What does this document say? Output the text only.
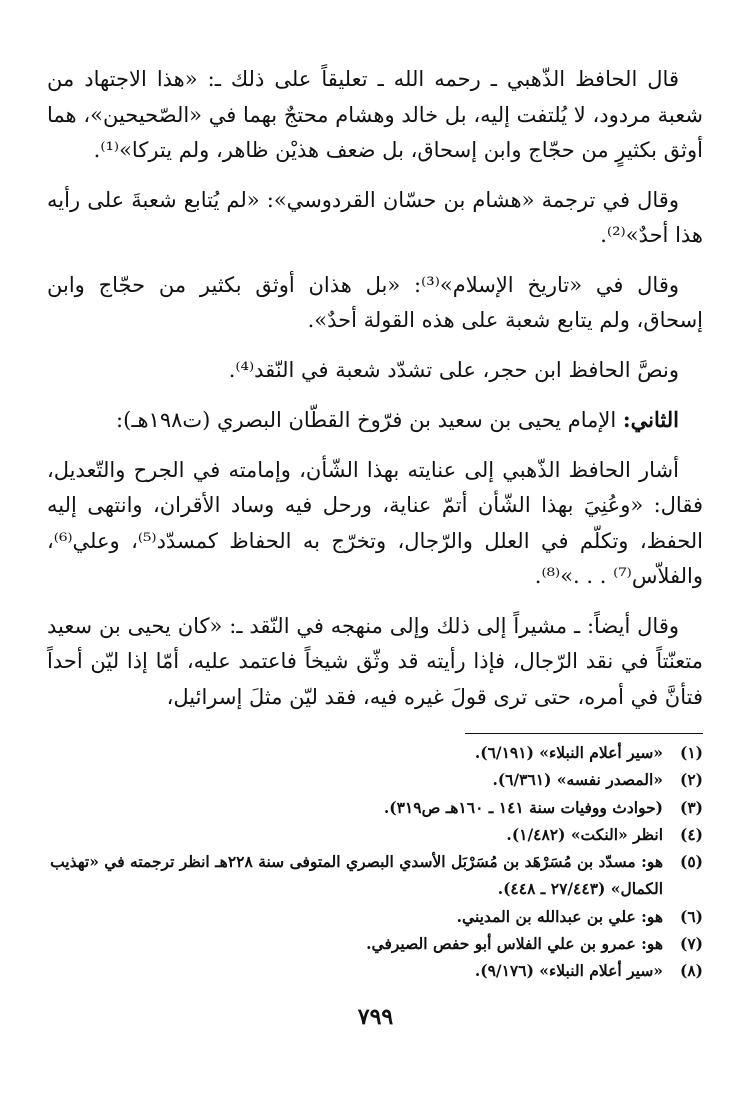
قال الحافظ الذّهبي ـ رحمه الله ـ تعليقاً على ذلك ـ: «هذا الاجتهاد من شعبة مردود، لا يُلتفت إليه، بل خالد وهشام محتجٌ بهما في «الصّحيحين»، هما أوثق بكثيرٍ من حجّاج وابن إسحاق، بل ضعف هذيْن ظاهر، ولم يتركا»⁽¹⁾.

وقال في ترجمة «هشام بن حسّان القردوسي»: «لم يُتابع شعبةَ على رأيه هذا أحدٌ»⁽²⁾.

وقال في «تاريخ الإسلام»⁽³⁾: «بل هذان أوثق بكثير من حجّاج وابن إسحاق، ولم يتابع شعبة على هذه القولة أحدٌ».

ونصَّ الحافظ ابن حجر، على تشدّد شعبة في النّقد⁽⁴⁾.

الثاني: الإمام يحيى بن سعيد بن فرّوخ القطّان البصري (ت١٩٨هـ):

أشار الحافظ الذّهبي إلى عنايته بهذا الشّأن، وإمامته في الجرح والتّعديل، فقال: «وعُنِيَ بهذا الشّأن أتمّ عناية، ورحل فيه وساد الأقران، وانتهى إليه الحفظ، وتكلّم في العلل والرّجال، وتخرّج به الحفاظ كمسدّد⁽⁵⁾، وعلي⁽⁶⁾، والفلاّس⁽⁷⁾ . . .»⁽⁸⁾.

وقال أيضاً: ـ مشيراً إلى ذلك وإلى منهجه في النّقد ـ: «كان يحيى بن سعيد متعنّتاً في نقد الرّجال، فإذا رأيته قد وثّق شيخاً فاعتمد عليه، أمّا إذا ليّن أحداً فتأنَّ في أمره، حتى ترى قولَ غيره فيه، فقد ليّن مثلَ إسرائيل،

(١)
«سير أعلام النبلاء» (٦/١٩١).
(٢)
«المصدر نفسه» (٦/٣٦١).
(٣)
(حوادث ووفيات سنة ١٤١ ـ ١٦٠هـ ص٣١٩).
(٤)
انظر «النكت» (١/٤٨٢).
(٥)
هو: مسدّد بن مُسَرْهَد بن مُسَرْبَل الأسدي البصري المتوفى سنة ٢٢٨هـ انظر ترجمته في «تهذيب الكمال» (٢٧/٤٤٣ ـ ٤٤٨).
(٦)
هو: علي بن عبدالله بن المديني.
(٧)
هو: عمرو بن علي الفلاس أبو حفص الصيرفي.
(٨)
«سير أعلام النبلاء» (٩/١٧٦).
٧٩٩
